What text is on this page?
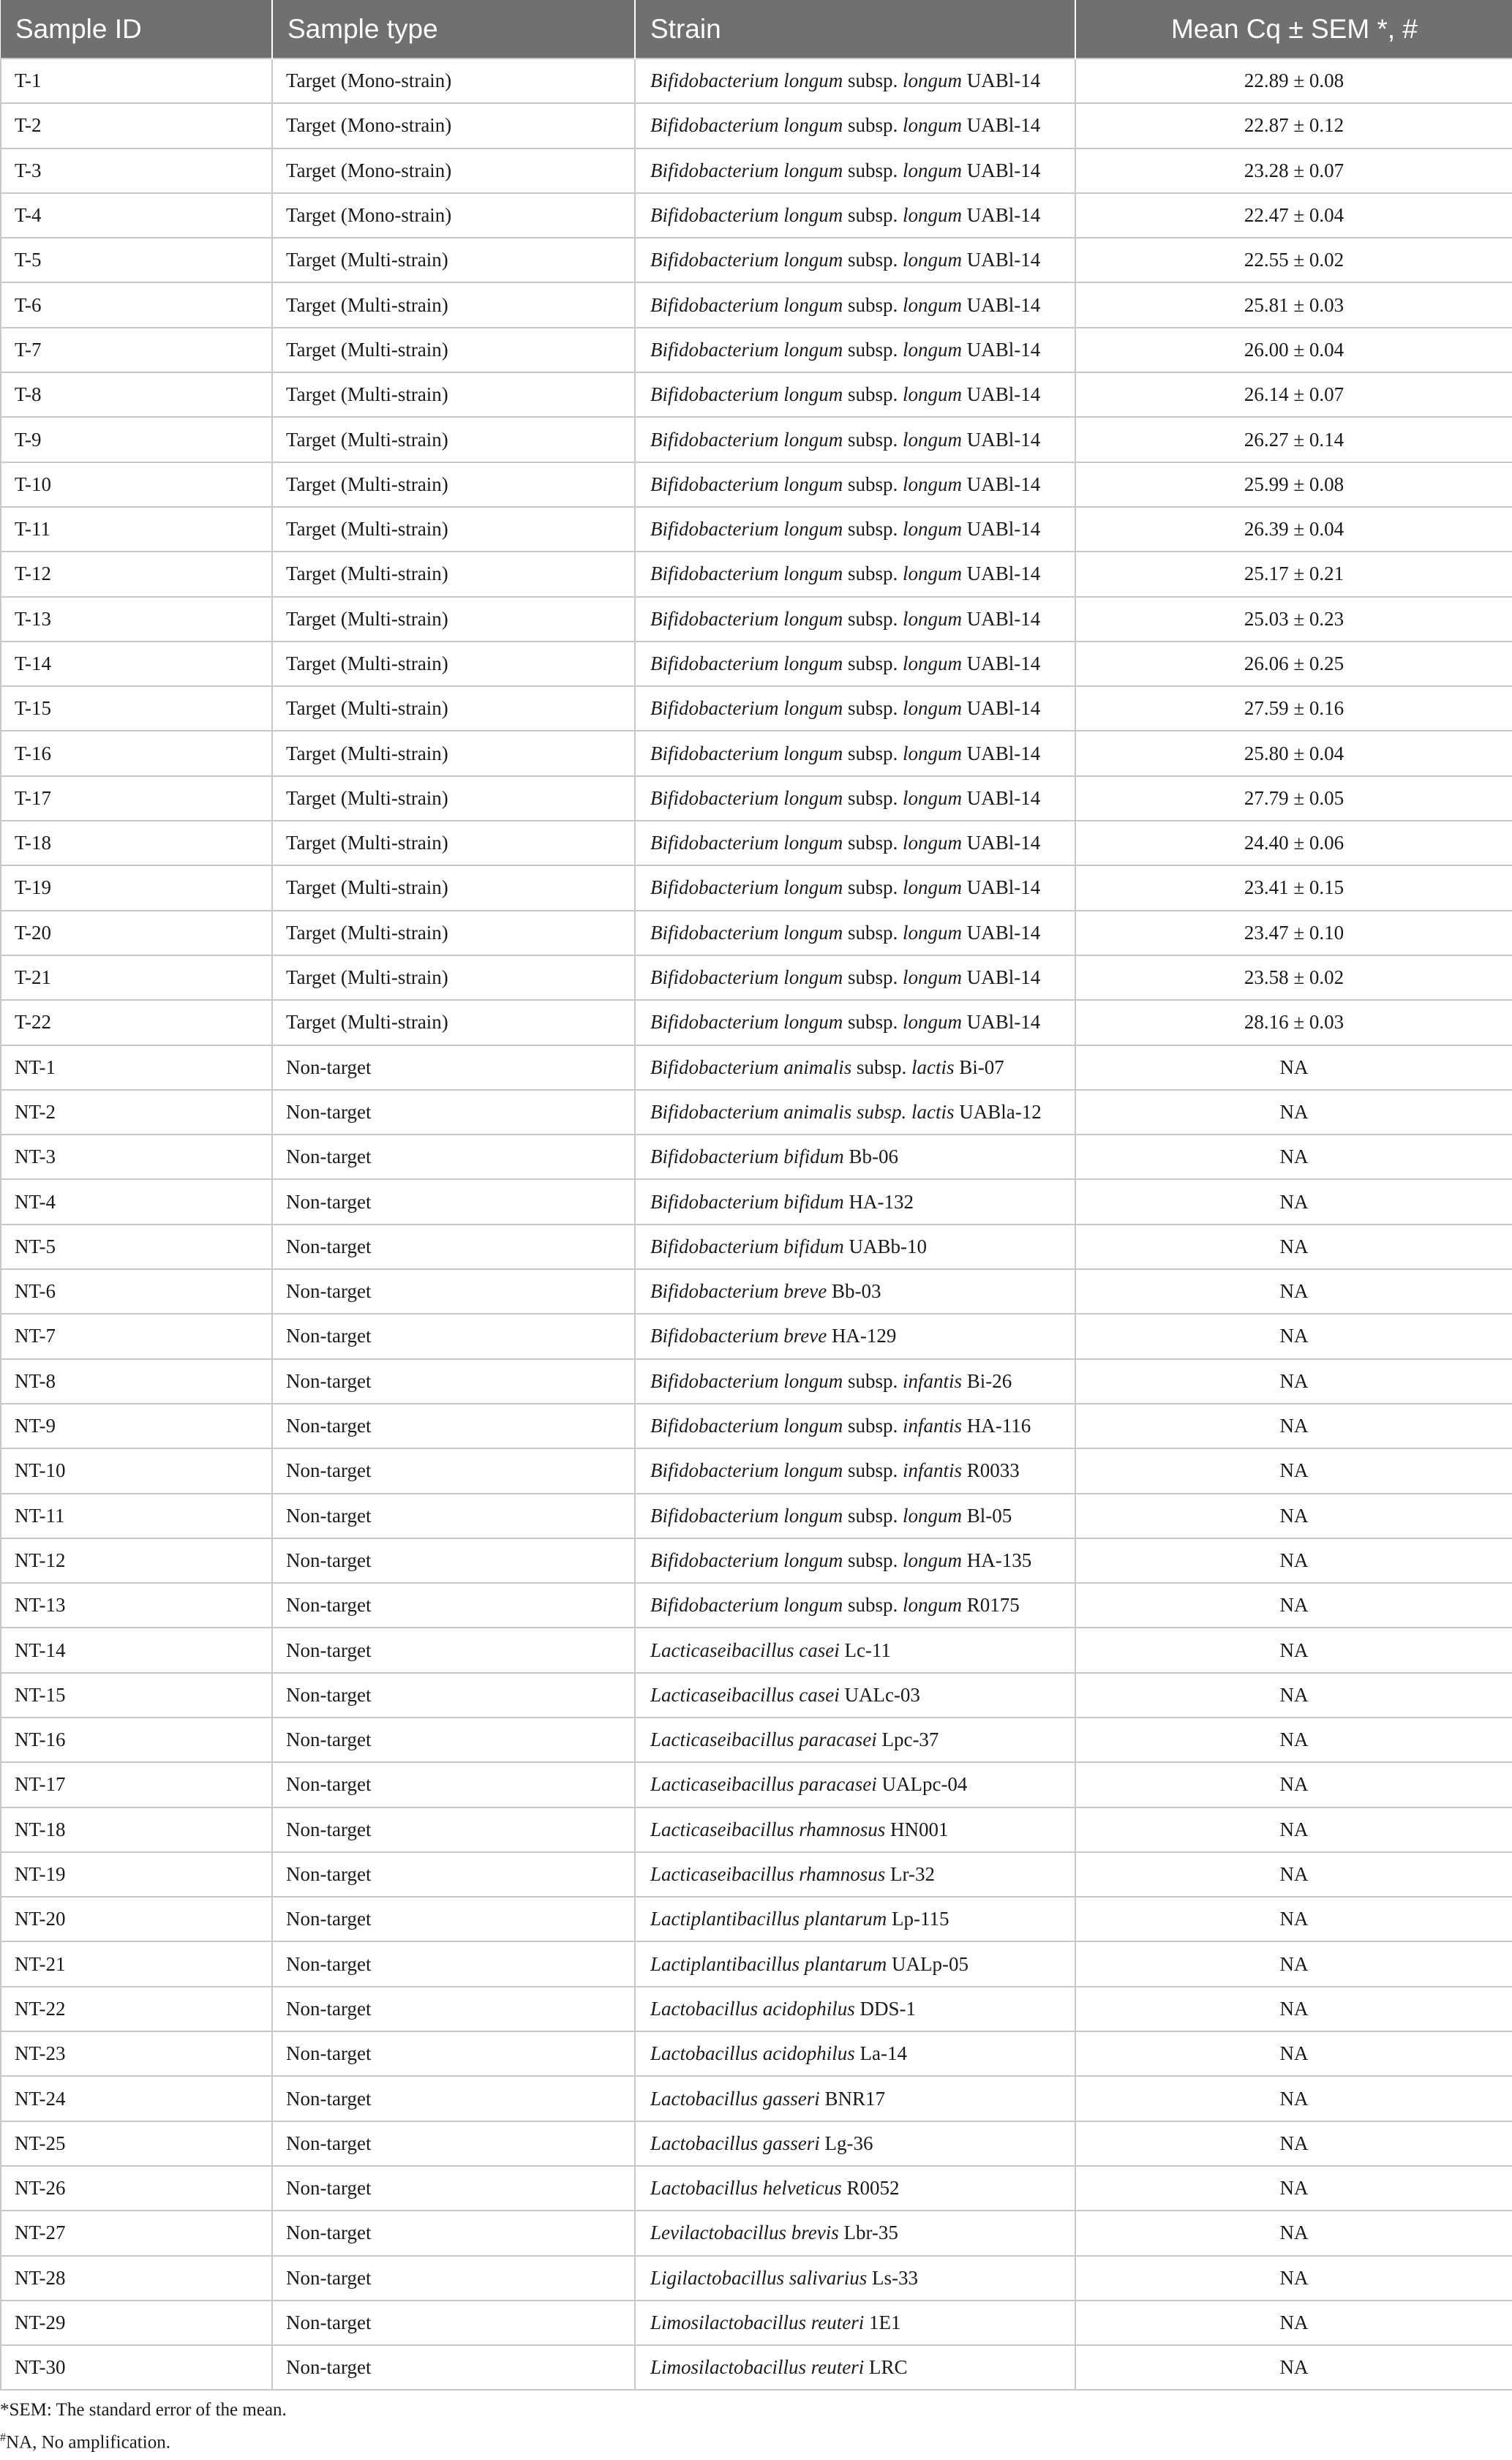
Sample ID	Sample type	Strain	Mean Cq ± SEM *, #
T-1	Target (Mono-strain)	Bifidobacterium longum subsp. longum UABl-14	22.89 ± 0.08
T-2	Target (Mono-strain)	Bifidobacterium longum subsp. longum UABl-14	22.87 ± 0.12
T-3	Target (Mono-strain)	Bifidobacterium longum subsp. longum UABl-14	23.28 ± 0.07
T-4	Target (Mono-strain)	Bifidobacterium longum subsp. longum UABl-14	22.47 ± 0.04
T-5	Target (Multi-strain)	Bifidobacterium longum subsp. longum UABl-14	22.55 ± 0.02
T-6	Target (Multi-strain)	Bifidobacterium longum subsp. longum UABl-14	25.81 ± 0.03
T-7	Target (Multi-strain)	Bifidobacterium longum subsp. longum UABl-14	26.00 ± 0.04
T-8	Target (Multi-strain)	Bifidobacterium longum subsp. longum UABl-14	26.14 ± 0.07
T-9	Target (Multi-strain)	Bifidobacterium longum subsp. longum UABl-14	26.27 ± 0.14
T-10	Target (Multi-strain)	Bifidobacterium longum subsp. longum UABl-14	25.99 ± 0.08
T-11	Target (Multi-strain)	Bifidobacterium longum subsp. longum UABl-14	26.39 ± 0.04
T-12	Target (Multi-strain)	Bifidobacterium longum subsp. longum UABl-14	25.17 ± 0.21
T-13	Target (Multi-strain)	Bifidobacterium longum subsp. longum UABl-14	25.03 ± 0.23
T-14	Target (Multi-strain)	Bifidobacterium longum subsp. longum UABl-14	26.06 ± 0.25
T-15	Target (Multi-strain)	Bifidobacterium longum subsp. longum UABl-14	27.59 ± 0.16
T-16	Target (Multi-strain)	Bifidobacterium longum subsp. longum UABl-14	25.80 ± 0.04
T-17	Target (Multi-strain)	Bifidobacterium longum subsp. longum UABl-14	27.79 ± 0.05
T-18	Target (Multi-strain)	Bifidobacterium longum subsp. longum UABl-14	24.40 ± 0.06
T-19	Target (Multi-strain)	Bifidobacterium longum subsp. longum UABl-14	23.41 ± 0.15
T-20	Target (Multi-strain)	Bifidobacterium longum subsp. longum UABl-14	23.47 ± 0.10
T-21	Target (Multi-strain)	Bifidobacterium longum subsp. longum UABl-14	23.58 ± 0.02
T-22	Target (Multi-strain)	Bifidobacterium longum subsp. longum UABl-14	28.16 ± 0.03
NT-1	Non-target	Bifidobacterium animalis subsp. lactis Bi-07	NA
NT-2	Non-target	Bifidobacterium animalis subsp. lactis UABla-12	NA
NT-3	Non-target	Bifidobacterium bifidum Bb-06	NA
NT-4	Non-target	Bifidobacterium bifidum HA-132	NA
NT-5	Non-target	Bifidobacterium bifidum UABb-10	NA
NT-6	Non-target	Bifidobacterium breve Bb-03	NA
NT-7	Non-target	Bifidobacterium breve HA-129	NA
NT-8	Non-target	Bifidobacterium longum subsp. infantis Bi-26	NA
NT-9	Non-target	Bifidobacterium longum subsp. infantis HA-116	NA
NT-10	Non-target	Bifidobacterium longum subsp. infantis R0033	NA
NT-11	Non-target	Bifidobacterium longum subsp. longum Bl-05	NA
NT-12	Non-target	Bifidobacterium longum subsp. longum HA-135	NA
NT-13	Non-target	Bifidobacterium longum subsp. longum R0175	NA
NT-14	Non-target	Lacticaseibacillus casei Lc-11	NA
NT-15	Non-target	Lacticaseibacillus casei UALc-03	NA
NT-16	Non-target	Lacticaseibacillus paracasei Lpc-37	NA
NT-17	Non-target	Lacticaseibacillus paracasei UALpc-04	NA
NT-18	Non-target	Lacticaseibacillus rhamnosus HN001	NA
NT-19	Non-target	Lacticaseibacillus rhamnosus Lr-32	NA
NT-20	Non-target	Lactiplantibacillus plantarum Lp-115	NA
NT-21	Non-target	Lactiplantibacillus plantarum UALp-05	NA
NT-22	Non-target	Lactobacillus acidophilus DDS-1	NA
NT-23	Non-target	Lactobacillus acidophilus La-14	NA
NT-24	Non-target	Lactobacillus gasseri BNR17	NA
NT-25	Non-target	Lactobacillus gasseri Lg-36	NA
NT-26	Non-target	Lactobacillus helveticus R0052	NA
NT-27	Non-target	Levilactobacillus brevis Lbr-35	NA
NT-28	Non-target	Ligilactobacillus salivarius Ls-33	NA
NT-29	Non-target	Limosilactobacillus reuteri 1E1	NA
NT-30	Non-target	Limosilactobacillus reuteri LRC	NA
*SEM: The standard error of the mean.
#NA, No amplification.
